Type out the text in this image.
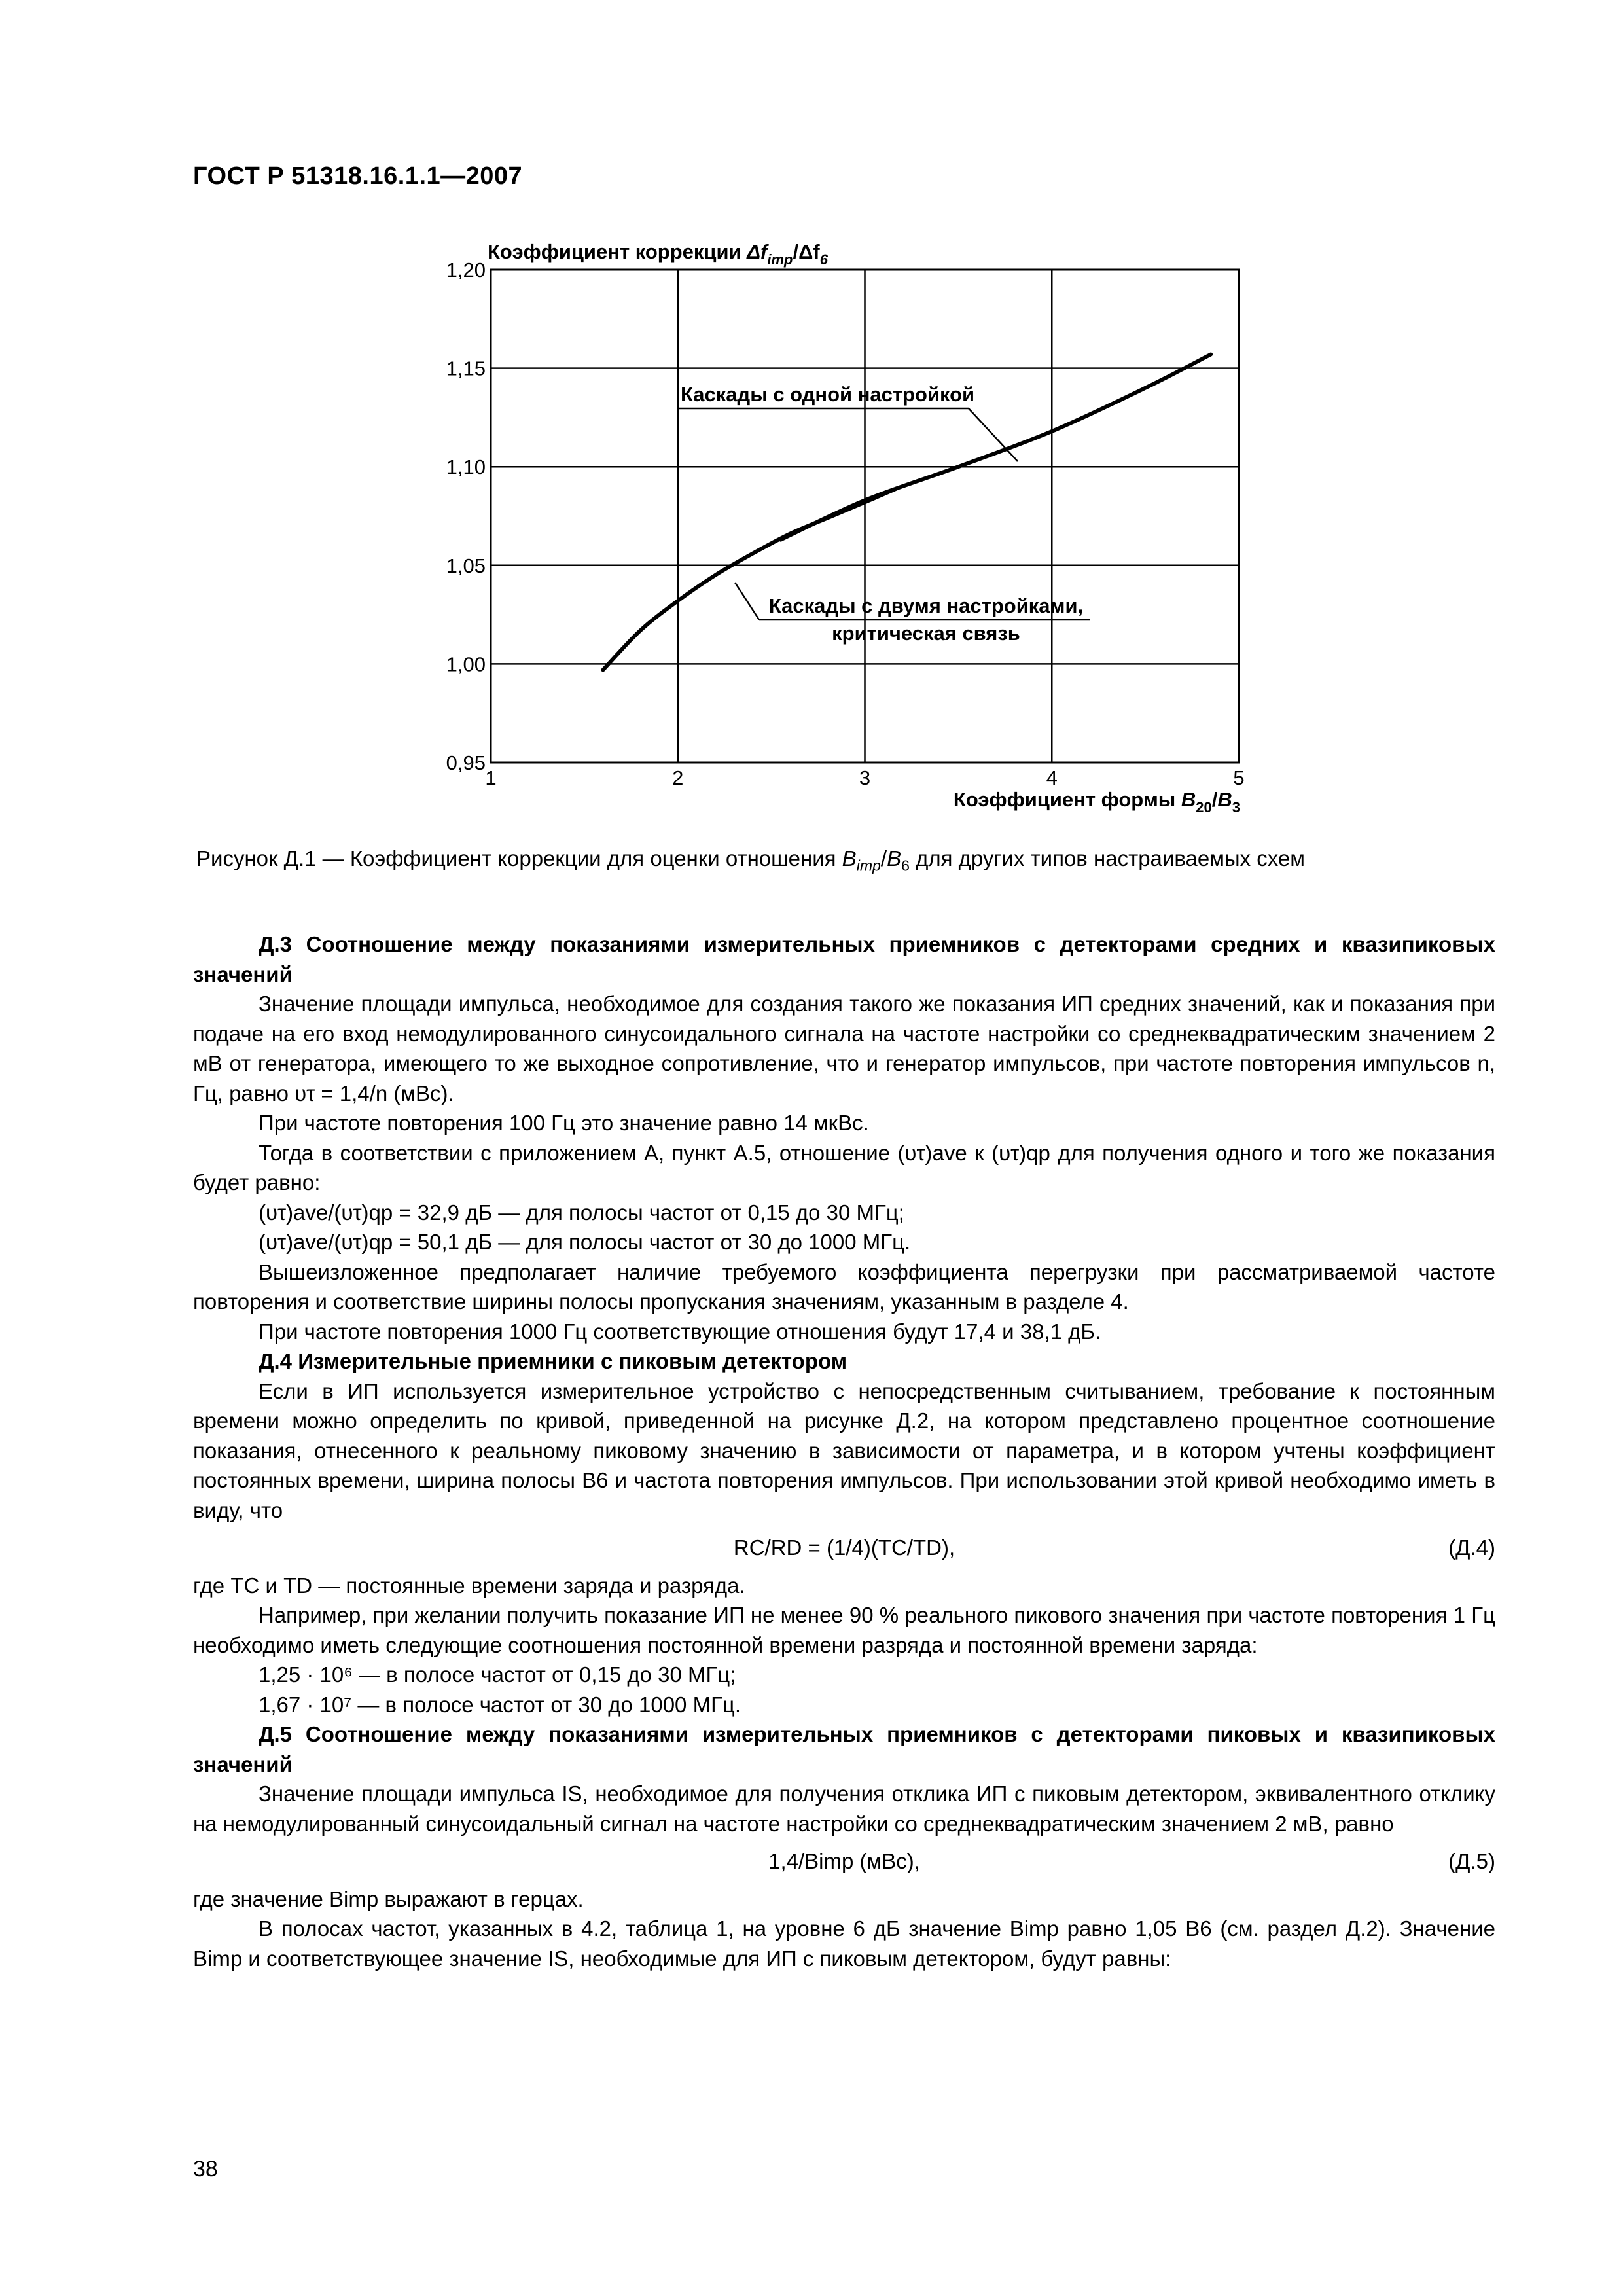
ГОСТ Р 51318.16.1.1—2007
1	2	3	4	5
0,95
1,00
1,05
1,10
1,15
1,20
Коэффициент коррекции $\Delta f_{imp}/\Delta f_6$
Коэффициент формы $B_{20}/B_3$
Каскады с одной настройкой
Каскады с двумя настройками,
критическая связь
Рисунок Д.1 — Коэффициент коррекции для оценки отношения $B_{imp}/B_6$ для других типов настраиваемых схем

Д.3 Соотношение между показаниями измерительных приемников с детекторами средних и квазипиковых значений

Значение площади импульса, необходимое для создания такого же показания ИП средних значений, как и показания при подаче на его вход немодулированного синусоидального сигнала на частоте настройки со среднеквадратическим значением 2 мВ от генератора, имеющего то же выходное сопротивление, что и генератор импульсов, при частоте повторения импульсов n, Гц, равно υτ = 1,4/n (мВс).

При частоте повторения 100 Гц это значение равно 14 мкВс.

Тогда в соответствии с приложением А, пункт А.5, отношение (υτ)ave к (υτ)qp для получения одного и того же показания будет равно:

(υτ)ave/(υτ)qp = 32,9 дБ — для полосы частот от 0,15 до 30 МГц;

(υτ)ave/(υτ)qp = 50,1 дБ — для полосы частот от 30 до 1000 МГц.

Вышеизложенное предполагает наличие требуемого коэффициента перегрузки при рассматриваемой частоте повторения и соответствие ширины полосы пропускания значениям, указанным в разделе 4.

При частоте повторения 1000 Гц соответствующие отношения будут 17,4 и 38,1 дБ.

Д.4 Измерительные приемники с пиковым детектором

Если в ИП используется измерительное устройство с непосредственным считыванием, требование к постоянным времени можно определить по кривой, приведенной на рисунке Д.2, на котором представлено процентное соотношение показания, отнесенного к реальному пиковому значению в зависимости от параметра, и в котором учтены коэффициент постоянных времени, ширина полосы B6 и частота повторения импульсов. При использовании этой кривой необходимо иметь в виду, что

RC/RD = (1/4)(TC/TD),	(Д.4)

где TC и TD — постоянные времени заряда и разряда.

Например, при желании получить показание ИП не менее 90 % реального пикового значения при частоте повторения 1 Гц необходимо иметь следующие соотношения постоянной времени разряда и постоянной времени заряда:

1,25 · 10⁶ — в полосе частот от 0,15 до 30 МГц;

1,67 · 10⁷ — в полосе частот от 30 до 1000 МГц.

Д.5 Соотношение между показаниями измерительных приемников с детекторами пиковых и квазипиковых значений

Значение площади импульса IS, необходимое для получения отклика ИП с пиковым детектором, эквивалентного отклику на немодулированный синусоидальный сигнал на частоте настройки со среднеквадратическим значением 2 мВ, равно

1,4/Bimp (мВс),	(Д.5)

где значение Bimp выражают в герцах.

В полосах частот, указанных в 4.2, таблица 1, на уровне 6 дБ значение Bimp равно 1,05 B6 (см. раздел Д.2). Значение Bimp и соответствующее значение IS, необходимые для ИП с пиковым детектором, будут равны:

38
